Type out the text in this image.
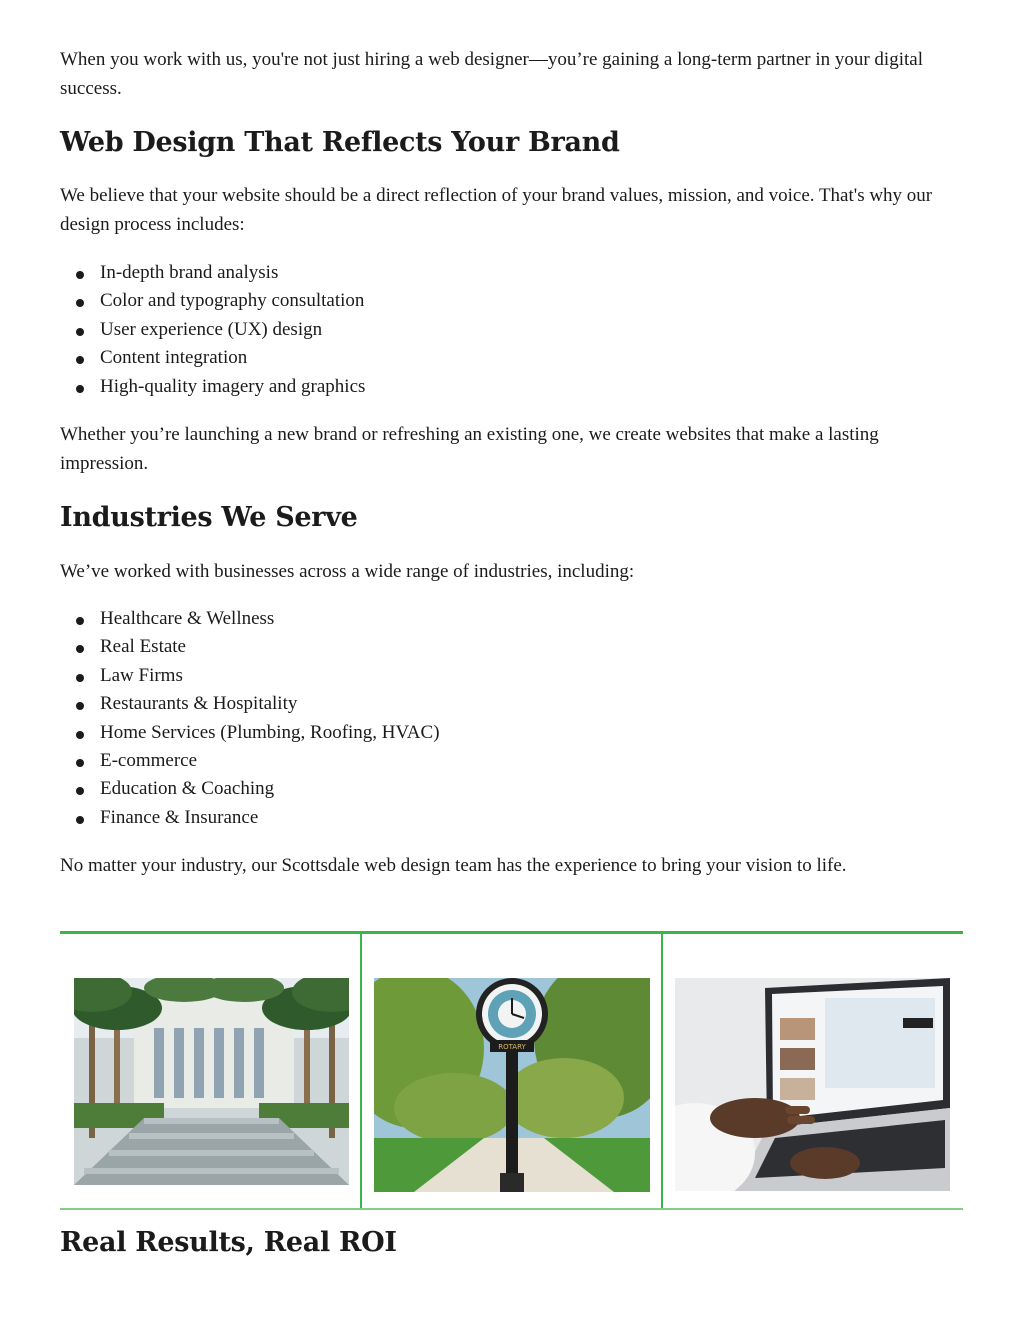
When you work with us, you're not just hiring a web designer—you’re gaining a long-term partner in your digital success.

Web Design That Reflects Your Brand

We believe that your website should be a direct reflection of your brand values, mission, and voice. That's why our design process includes:

In-depth brand analysis
Color and typography consultation
User experience (UX) design
Content integration
High-quality imagery and graphics

Whether you’re launching a new brand or refreshing an existing one, we create websites that make a lasting impression.

Industries We Serve

We’ve worked with businesses across a wide range of industries, including:

Healthcare & Wellness
Real Estate
Law Firms
Restaurants & Hospitality
Home Services (Plumbing, Roofing, HVAC)
E-commerce
Education & Coaching
Finance & Insurance

No matter your industry, our Scottsdale web design team has the experience to bring your vision to life.

Real Results, Real ROI
ROTARY
